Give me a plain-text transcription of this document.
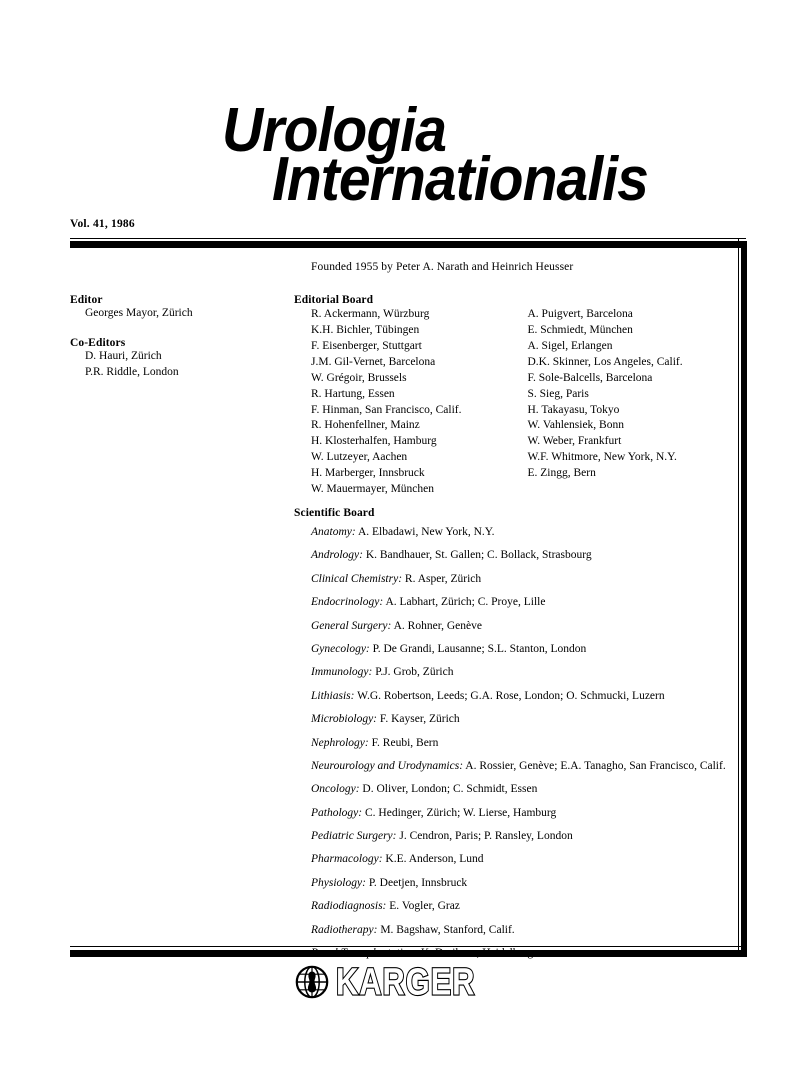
Urologia
Internationalis
Vol. 41, 1986
Founded 1955 by Peter A. Narath and Heinrich Heusser

Editor

Georges Mayor, Zürich

Co-Editors

D. Hauri, Zürich

P.R. Riddle, London

Editorial Board

R. Ackermann, Würzburg

K.H. Bichler, Tübingen

F. Eisenberger, Stuttgart

J.M. Gil-Vernet, Barcelona

W. Grégoir, Brussels

R. Hartung, Essen

F. Hinman, San Francisco, Calif.

R. Hohenfellner, Mainz

H. Klosterhalfen, Hamburg

W. Lutzeyer, Aachen

H. Marberger, Innsbruck

W. Mauermayer, München

A. Puigvert, Barcelona

E. Schmiedt, München

A. Sigel, Erlangen

D.K. Skinner, Los Angeles, Calif.

F. Sole-Balcells, Barcelona

S. Sieg, Paris

H. Takayasu, Tokyo

W. Vahlensiek, Bonn

W. Weber, Frankfurt

W.F. Whitmore, New York, N.Y.

E. Zingg, Bern

Scientific Board

Anatomy: A. Elbadawi, New York, N.Y.

Andrology: K. Bandhauer, St. Gallen; C. Bollack, Strasbourg

Clinical Chemistry: R. Asper, Zürich

Endocrinology: A. Labhart, Zürich; C. Proye, Lille

General Surgery: A. Rohner, Genève

Gynecology: P. De Grandi, Lausanne; S.L. Stanton, London

Immunology: P.J. Grob, Zürich

Lithiasis: W.G. Robertson, Leeds; G.A. Rose, London; O. Schmucki, Luzern

Microbiology: F. Kayser, Zürich

Nephrology: F. Reubi, Bern

Neurourology and Urodynamics: A. Rossier, Genève; E.A. Tanagho, San Francisco, Calif.

Oncology: D. Oliver, London; C. Schmidt, Essen

Pathology: C. Hedinger, Zürich; W. Lierse, Hamburg

Pediatric Surgery: J. Cendron, Paris; P. Ransley, London

Pharmacology: K.E. Anderson, Lund

Physiology: P. Deetjen, Innsbruck

Radiodiagnosis: E. Vogler, Graz

Radiotherapy: M. Bagshaw, Stanford, Calif.

Renal Transplantation: K. Dreikorn, Heidelberg

KARGER
